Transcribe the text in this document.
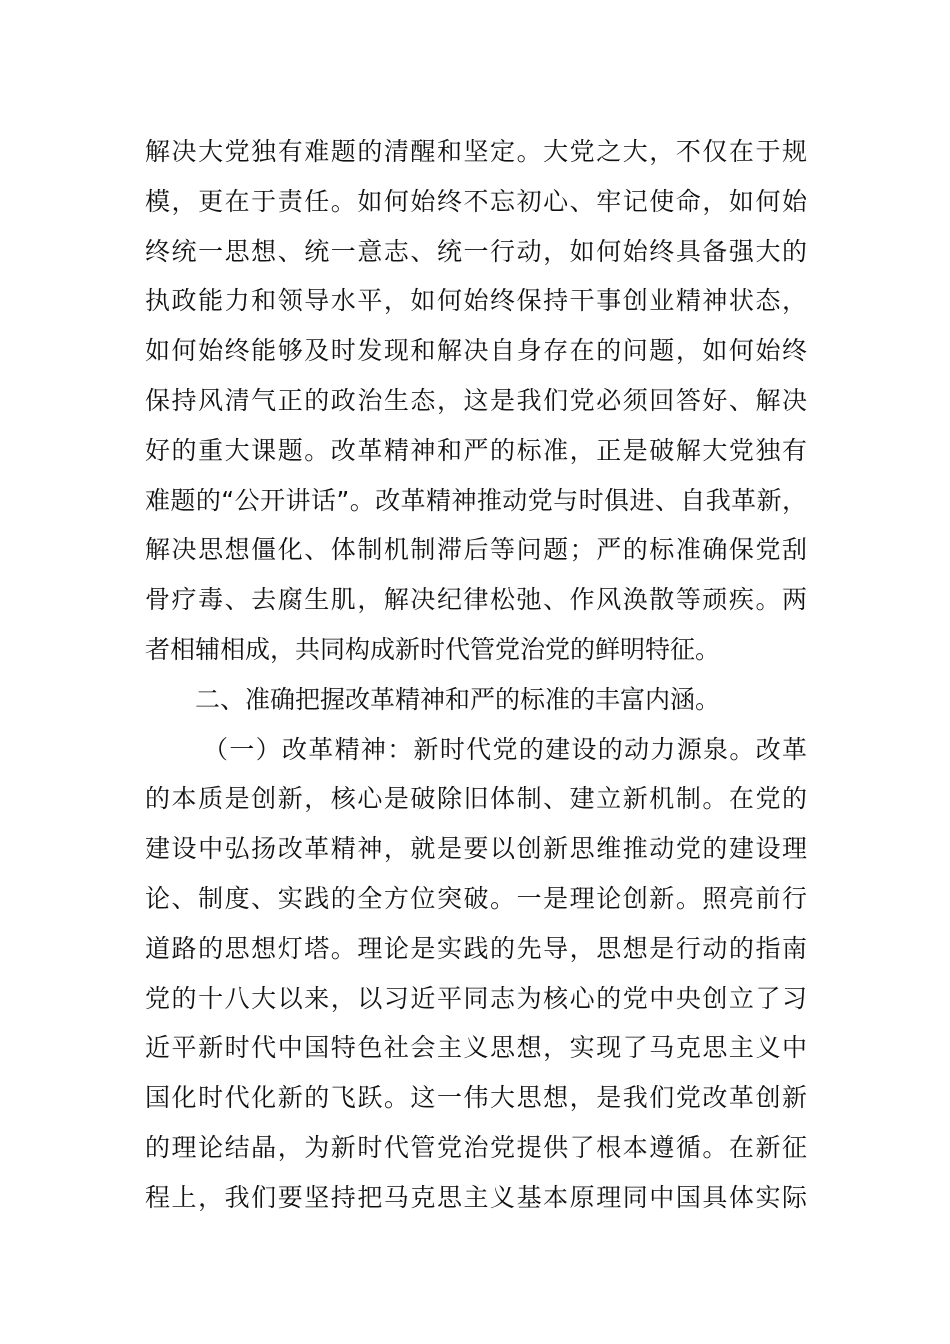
解决大党独有难题的清醒和坚定。大党之大，不仅在于规
模，更在于责任。如何始终不忘初心、牢记使命，如何始
终统一思想、统一意志、统一行动，如何始终具备强大的
执政能力和领导水平，如何始终保持干事创业精神状态，
如何始终能够及时发现和解决自身存在的问题，如何始终
保持风清气正的政治生态，这是我们党必须回答好、解决
好的重大课题。改革精神和严的标准，正是破解大党独有
难题的“公开讲话”。改革精神推动党与时俱进、自我革新，
解决思想僵化、体制机制滞后等问题；严的标准确保党刮
骨疗毒、去腐生肌，解决纪律松弛、作风涣散等顽疾。两
者相辅相成，共同构成新时代管党治党的鲜明特征。
二、准确把握改革精神和严的标准的丰富内涵。
（一）改革精神：新时代党的建设的动力源泉。改革
的本质是创新，核心是破除旧体制、建立新机制。在党的
建设中弘扬改革精神，就是要以创新思维推动党的建设理
论、制度、实践的全方位突破。一是理论创新。照亮前行
道路的思想灯塔。理论是实践的先导，思想是行动的指南
党的十八大以来，以习近平同志为核心的党中央创立了习
近平新时代中国特色社会主义思想，实现了马克思主义中
国化时代化新的飞跃。这一伟大思想，是我们党改革创新
的理论结晶，为新时代管党治党提供了根本遵循。在新征
程上，我们要坚持把马克思主义基本原理同中国具体实际
